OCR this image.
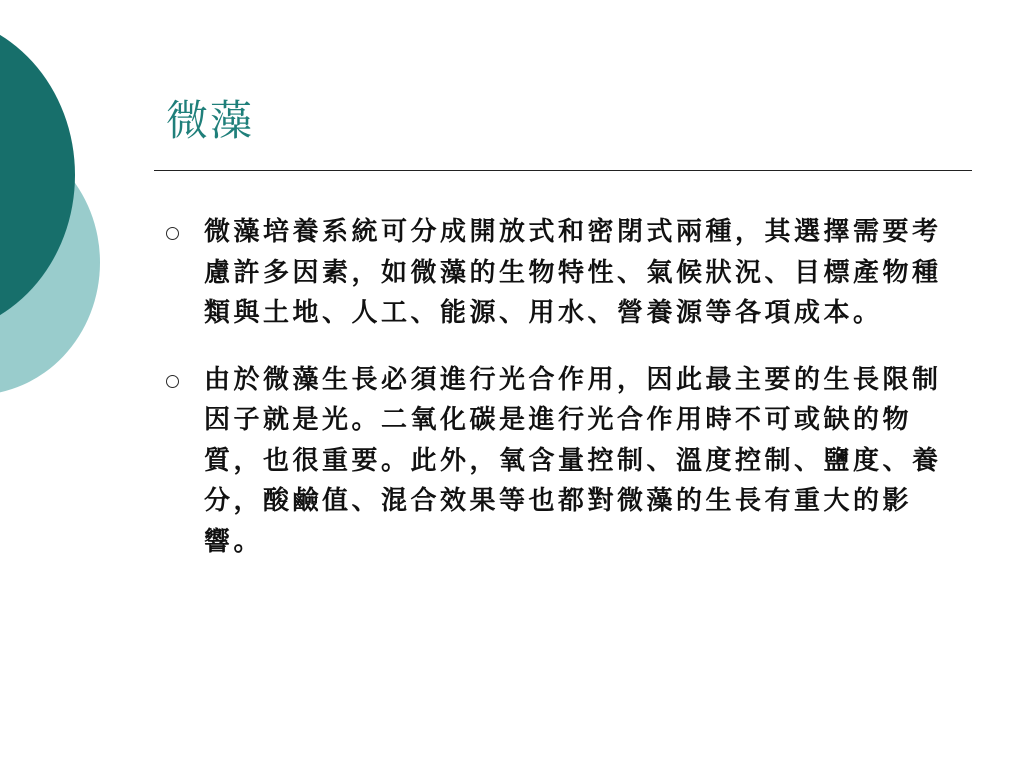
微藻
微藻培養系統可分成開放式和密閉式兩種，其選擇需要考慮許多因素，如微藻的生物特性、氣候狀況、目標產物種類與土地、人工、能源、用水、營養源等各項成本。
由於微藻生長必須進行光合作用，因此最主要的生長限制因子就是光。二氧化碳是進行光合作用時不可或缺的物質，也很重要。此外，氧含量控制、溫度控制、鹽度、養分，酸鹼值、混合效果等也都對微藻的生長有重大的影響。
